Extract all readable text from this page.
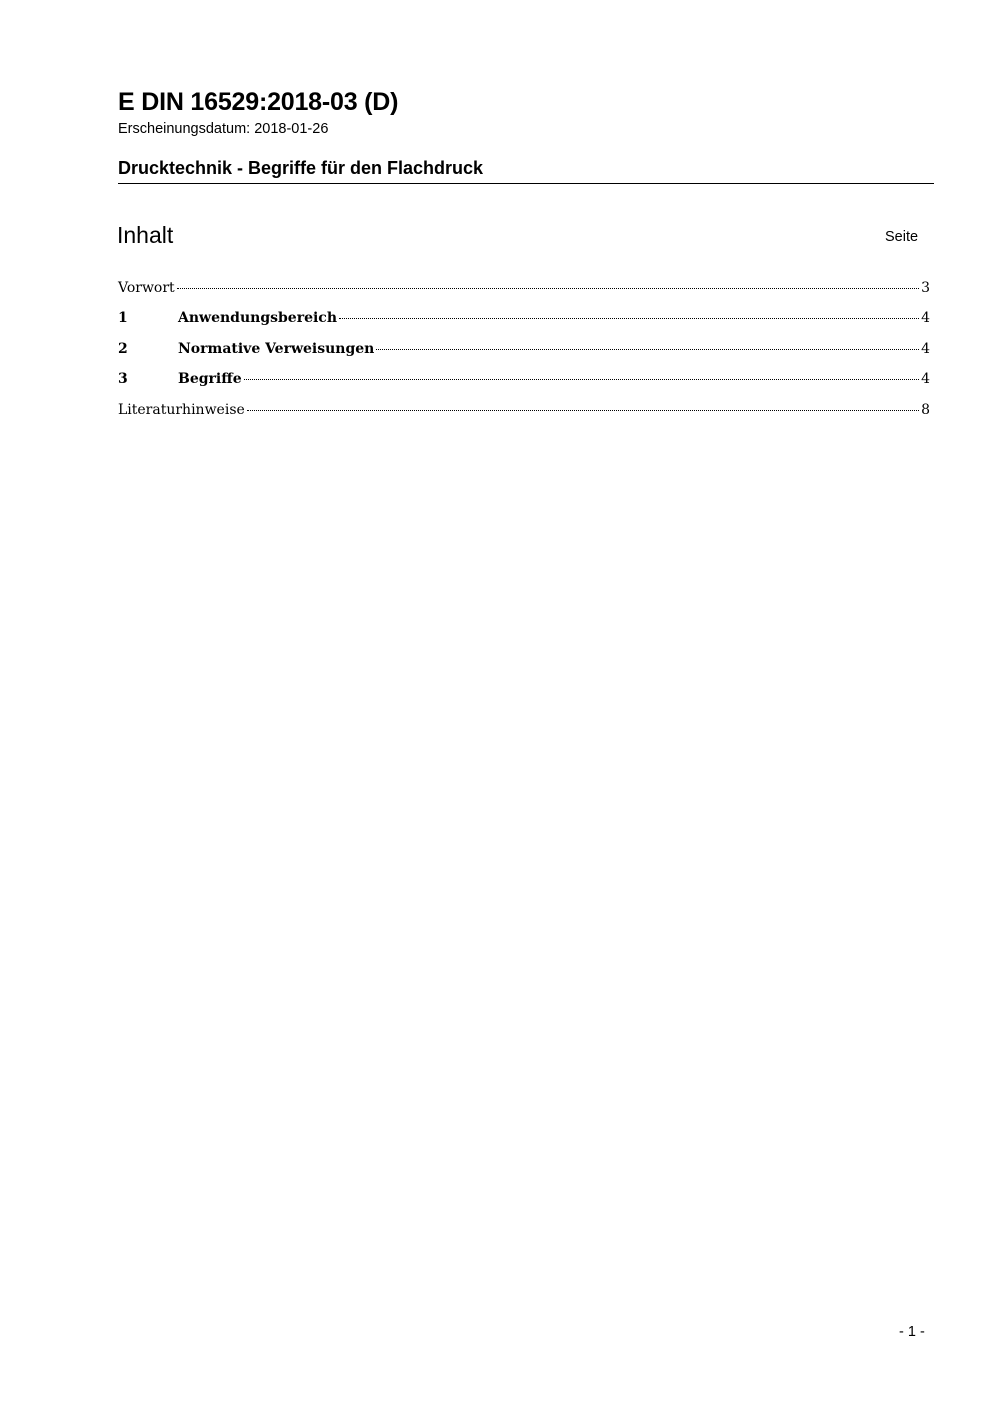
E DIN 16529:2018-03 (D)
Erscheinungsdatum: 2018-01-26
Drucktechnik - Begriffe für den Flachdruck
Inhalt	Seite
Vorwort	3
1	Anwendungsbereich	4
2	Normative Verweisungen	4
3	Begriffe	4
Literaturhinweise	8
- 1 -
